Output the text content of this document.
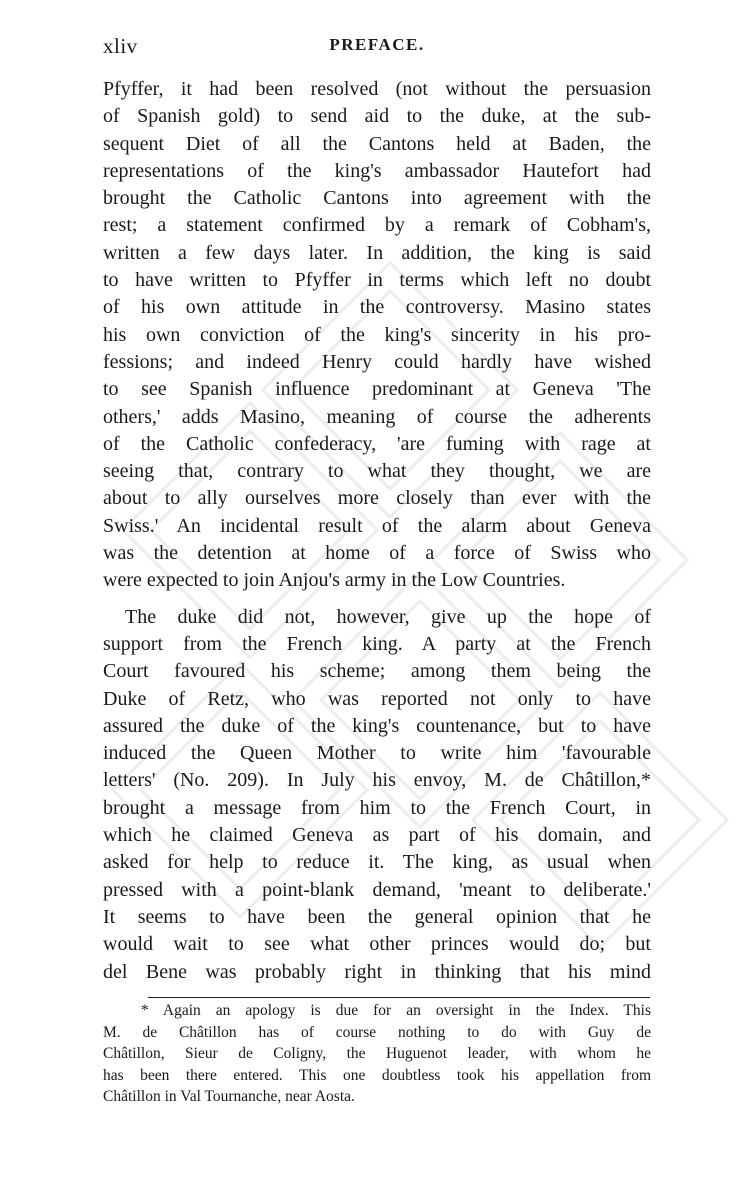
xliv	PREFACE.
Pfyffer, it had been resolved (not without the persuasion
of Spanish gold) to send aid to the duke, at the sub-
sequent Diet of all the Cantons held at Baden, the
representations of the king's ambassador Hautefort had
brought the Catholic Cantons into agreement with the
rest; a statement confirmed by a remark of Cobham's,
written a few days later. In addition, the king is said
to have written to Pfyffer in terms which left no doubt
of his own attitude in the controversy. Masino states
his own conviction of the king's sincerity in his pro-
fessions; and indeed Henry could hardly have wished
to see Spanish influence predominant at Geneva 'The
others,' adds Masino, meaning of course the adherents
of the Catholic confederacy, 'are fuming with rage at
seeing that, contrary to what they thought, we are
about to ally ourselves more closely than ever with the
Swiss.' An incidental result of the alarm about Geneva
was the detention at home of a force of Swiss who
were expected to join Anjou's army in the Low Countries.
The duke did not, however, give up the hope of
support from the French king. A party at the French
Court favoured his scheme; among them being the
Duke of Retz, who was reported not only to have
assured the duke of the king's countenance, but to have
induced the Queen Mother to write him 'favourable
letters' (No. 209). In July his envoy, M. de Châtillon,*
brought a message from him to the French Court, in
which he claimed Geneva as part of his domain, and
asked for help to reduce it. The king, as usual when
pressed with a point-blank demand, 'meant to deliberate.'
It seems to have been the general opinion that he
would wait to see what other princes would do; but
del Bene was probably right in thinking that his mind
* Again an apology is due for an oversight in the Index. This
M. de Châtillon has of course nothing to do with Guy de
Châtillon, Sieur de Coligny, the Huguenot leader, with whom he
has been there entered. This one doubtless took his appellation from
Châtillon in Val Tournanche, near Aosta.
